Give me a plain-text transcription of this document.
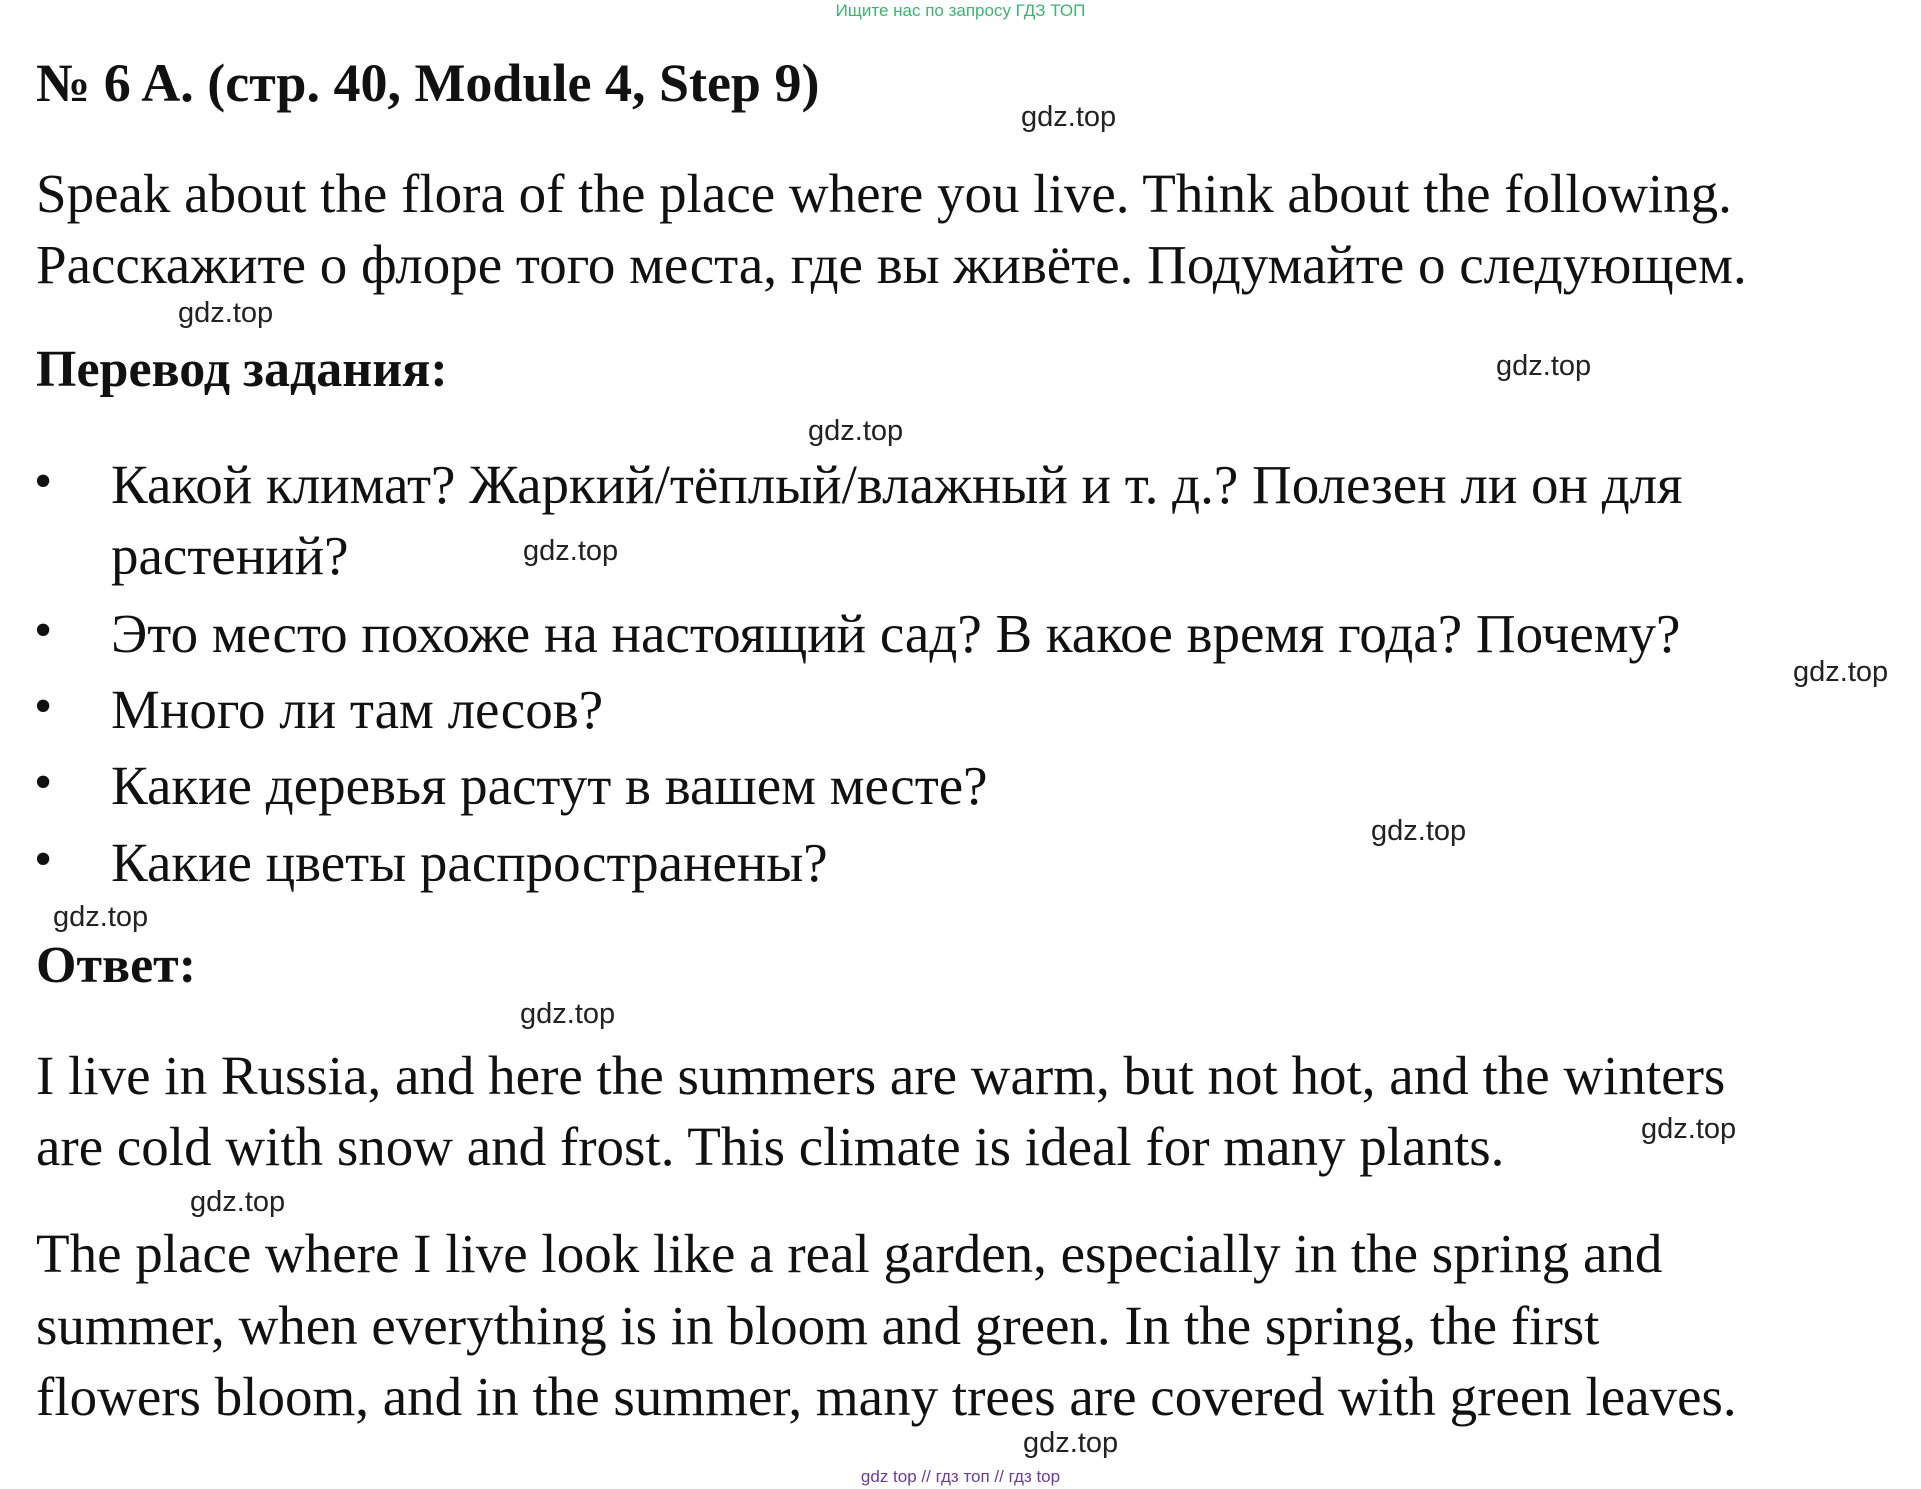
Ищите нас по запросу ГДЗ ТОП
№ 6 A. (стр. 40, Module 4, Step 9)
Speak about the flora of the place where you live. Think about the following.
Расскажите о флоре того места, где вы живёте. Подумайте о следующем.
Перевод задания:
• Какой климат? Жаркий/тёплый/влажный и т. д.? Полезен ли он для
растений?
• Это место похоже на настоящий сад? В какое время года? Почему?
• Много ли там лесов?
• Какие деревья растут в вашем месте?
• Какие цветы распространены?
Ответ:
I live in Russia, and here the summers are warm, but not hot, and the winters
are cold with snow and frost. This climate is ideal for many plants.
The place where I live look like a real garden, especially in the spring and
summer, when everything is in bloom and green. In the spring, the first
flowers bloom, and in the summer, many trees are covered with green leaves.
gdz.top
gdz.top
gdz.top
gdz.top
gdz.top
gdz.top
gdz.top
gdz.top
gdz.top
gdz.top
gdz.top
gdz.top
gdz top // гдз топ // гдз top
